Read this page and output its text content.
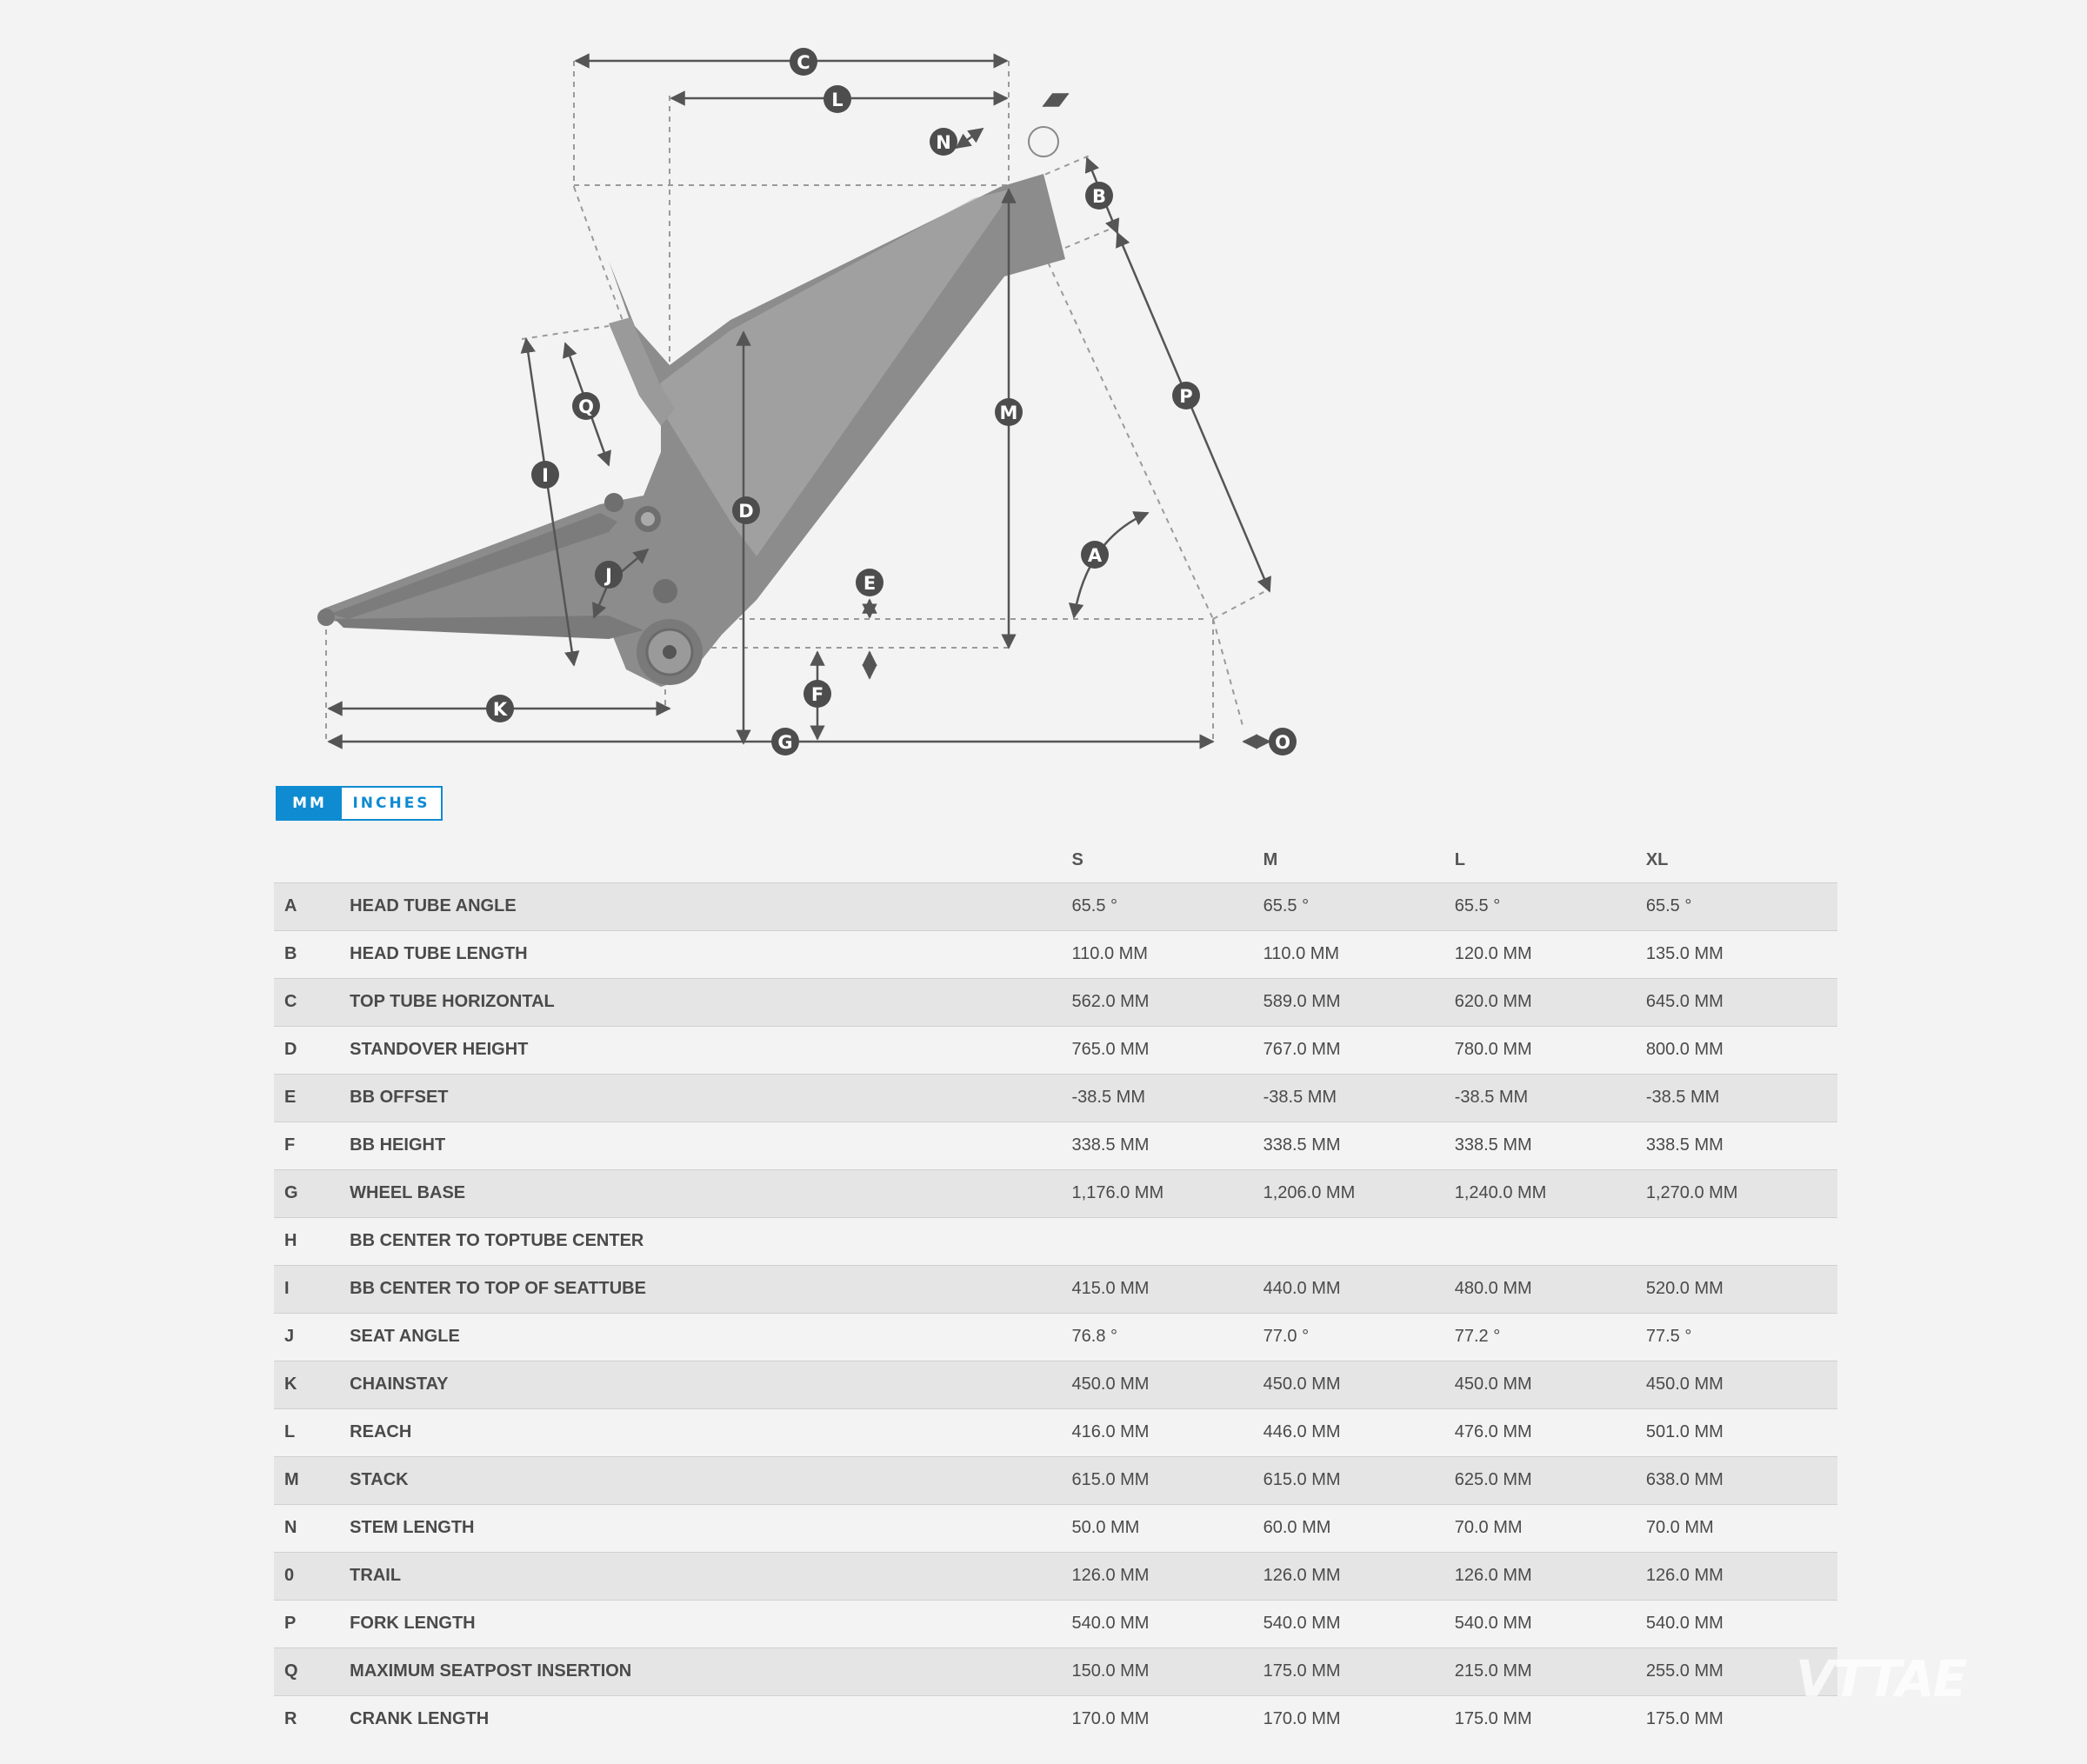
A
B
C
D
E
F
G
I
J
K
L
M
N
O
P
Q
MM	INCHES
		S	M	L	XL
A	HEAD TUBE ANGLE	65.5 °	65.5 °	65.5 °	65.5 °
B	HEAD TUBE LENGTH	110.0 MM	110.0 MM	120.0 MM	135.0 MM
C	TOP TUBE HORIZONTAL	562.0 MM	589.0 MM	620.0 MM	645.0 MM
D	STANDOVER HEIGHT	765.0 MM	767.0 MM	780.0 MM	800.0 MM
E	BB OFFSET	-38.5 MM	-38.5 MM	-38.5 MM	-38.5 MM
F	BB HEIGHT	338.5 MM	338.5 MM	338.5 MM	338.5 MM
G	WHEEL BASE	1,176.0 MM	1,206.0 MM	1,240.0 MM	1,270.0 MM
H	BB CENTER TO TOPTUBE CENTER				
I	BB CENTER TO TOP OF SEATTUBE	415.0 MM	440.0 MM	480.0 MM	520.0 MM
J	SEAT ANGLE	76.8 °	77.0 °	77.2 °	77.5 °
K	CHAINSTAY	450.0 MM	450.0 MM	450.0 MM	450.0 MM
L	REACH	416.0 MM	446.0 MM	476.0 MM	501.0 MM
M	STACK	615.0 MM	615.0 MM	625.0 MM	638.0 MM
N	STEM LENGTH	50.0 MM	60.0 MM	70.0 MM	70.0 MM
0	TRAIL	126.0 MM	126.0 MM	126.0 MM	126.0 MM
P	FORK LENGTH	540.0 MM	540.0 MM	540.0 MM	540.0 MM
Q	MAXIMUM SEATPOST INSERTION	150.0 MM	175.0 MM	215.0 MM	255.0 MM
R	CRANK LENGTH	170.0 MM	170.0 MM	175.0 MM	175.0 MM
VTTAE
